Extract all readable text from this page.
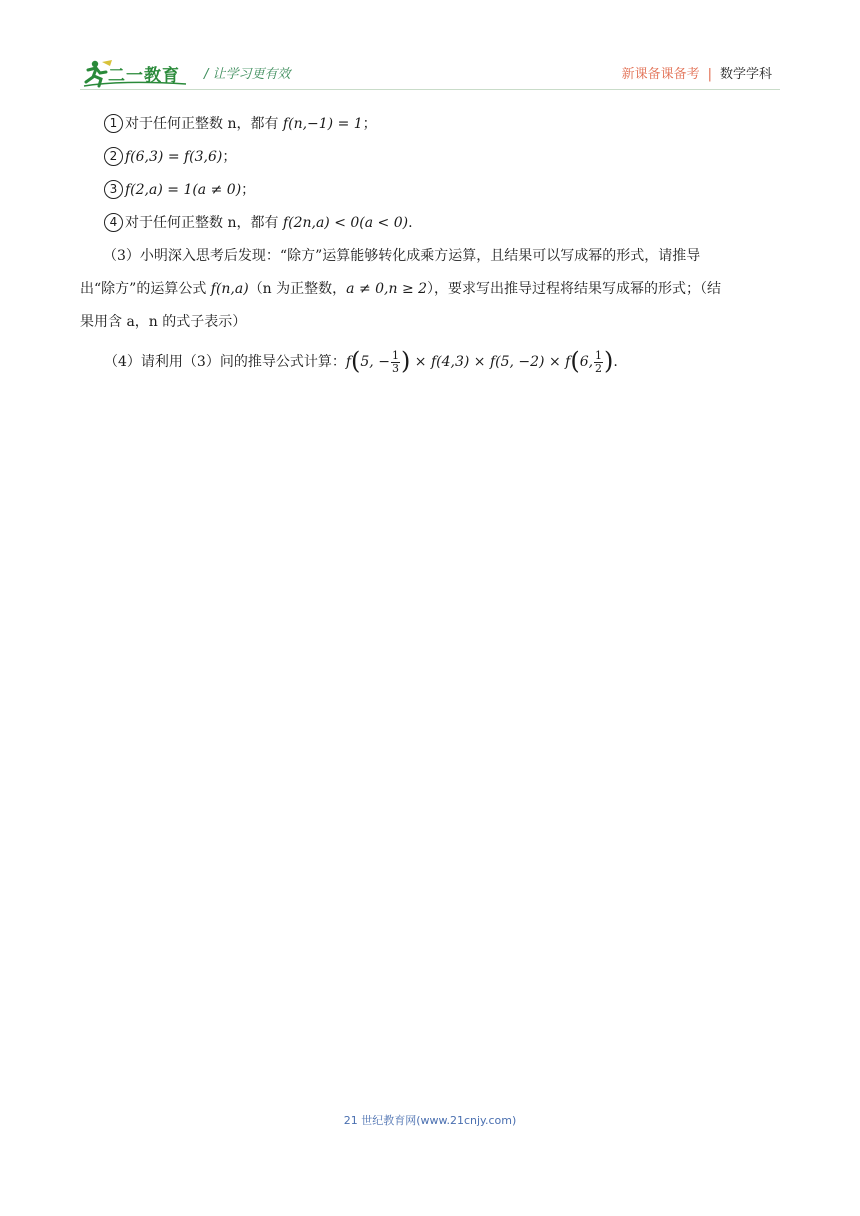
二一教育 / 让学习更有效	新课备课备考 | 数学学科
1 对于任何正整数 n，都有 f(n,−1) = 1；
2 f(6,3) = f(3,6)；
3 f(2,a) = 1(a ≠ 0)；
4 对于任何正整数 n，都有 f(2n,a) < 0(a < 0).
（3）小明深入思考后发现：“除方”运算能够转化成乘方运算，且结果可以写成幂的形式，请推导
出“除方”的运算公式 f(n,a)（n 为正整数，a ≠ 0,n ≥ 2），要求写出推导过程将结果写成幂的形式；（结
果用含 a，n 的式子表示）
（4）请利用（3）问的推导公式计算：f(5, − $\frac{1}{3}$ ) × f(4,3) × f(5, −2) × f(6, $\frac{1}{2}$ ).
21 世纪教育网(www.21cnjy.com)
